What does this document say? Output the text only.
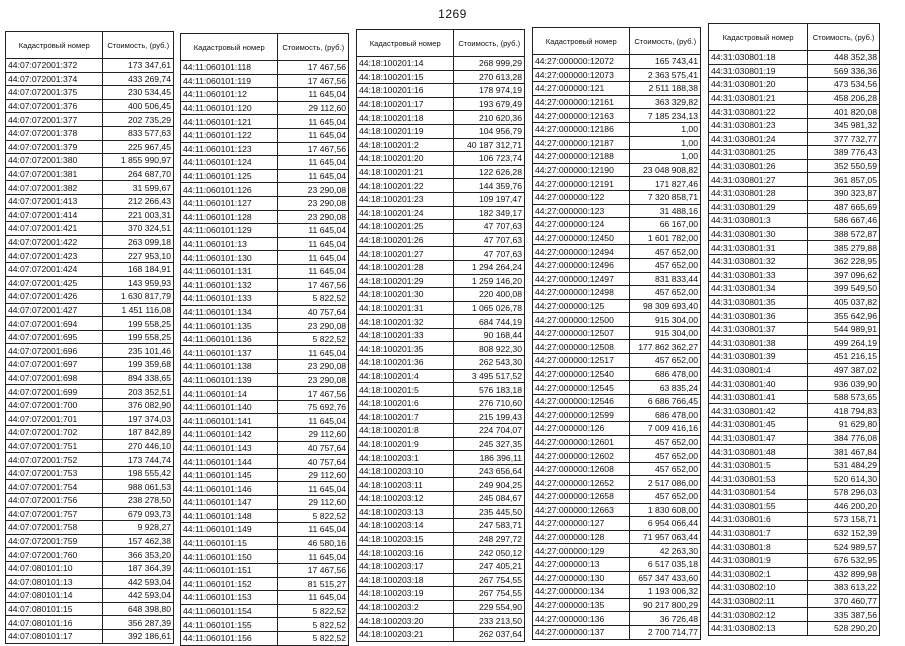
1269
Кадастровый номер	Стоимость, (руб.)
44:07:072001:372	173 347,61
44:07:072001:374	433 269,74
44:07:072001:375	230 534,45
44:07:072001:376	400 506,45
44:07:072001:377	202 735,29
44:07:072001:378	833 577,63
44:07:072001:379	225 967,45
44:07:072001:380	1 855 990,97
44:07:072001:381	264 687,70
44:07:072001:382	31 599,67
44:07:072001:413	212 266,43
44:07:072001:414	221 003,31
44:07:072001:421	370 324,51
44:07:072001:422	263 099,18
44:07:072001:423	227 953,10
44:07:072001:424	168 184,91
44:07:072001:425	143 959,93
44:07:072001:426	1 630 817,79
44:07:072001:427	1 451 116,08
44:07:072001:694	199 558,25
44:07:072001:695	199 558,25
44:07:072001:696	235 101,46
44:07:072001:697	199 359,68
44:07:072001:698	894 338,65
44:07:072001:699	203 352,51
44:07:072001:700	376 082,90
44:07:072001:701	197 374,03
44:07:072001:702	187 842,89
44:07:072001:751	270 446,10
44:07:072001:752	173 744,74
44:07:072001:753	198 555,42
44:07:072001:754	988 061,53
44:07:072001:756	238 278,50
44:07:072001:757	679 093,73
44:07:072001:758	9 928,27
44:07:072001:759	157 462,38
44:07:072001:760	366 353,20
44:07:080101:10	187 364,39
44:07:080101:13	442 593,04
44:07:080101:14	442 593,04
44:07:080101:15	648 398,80
44:07:080101:16	356 287,39
44:07:080101:17	392 186,61
Кадастровый номер	Стоимость, (руб.)
44:11:060101:118	17 467,56
44:11:060101:119	17 467,56
44:11:060101:12	11 645,04
44:11:060101:120	29 112,60
44:11:060101:121	11 645,04
44:11:060101:122	11 645,04
44:11:060101:123	17 467,56
44:11:060101:124	11 645,04
44:11:060101:125	11 645,04
44:11:060101:126	23 290,08
44:11:060101:127	23 290,08
44:11:060101:128	23 290,08
44:11:060101:129	11 645,04
44:11:060101:13	11 645,04
44:11:060101:130	11 645,04
44:11:060101:131	11 645,04
44:11:060101:132	17 467,56
44:11:060101:133	5 822,52
44:11:060101:134	40 757,64
44:11:060101:135	23 290,08
44:11:060101:136	5 822,52
44:11:060101:137	11 645,04
44:11:060101:138	23 290,08
44:11:060101:139	23 290,08
44:11:060101:14	17 467,56
44:11:060101:140	75 692,76
44:11:060101:141	11 645,04
44:11:060101:142	29 112,60
44:11:060101:143	40 757,64
44:11:060101:144	40 757,64
44:11:060101:145	29 112,60
44:11:060101:146	11 645,04
44:11:060101:147	29 112,60
44:11:060101:148	5 822,52
44:11:060101:149	11 645,04
44:11:060101:15	46 580,16
44:11:060101:150	11 645,04
44:11:060101:151	17 467,56
44:11:060101:152	81 515,27
44:11:060101:153	11 645,04
44:11:060101:154	5 822,52
44:11:060101:155	5 822,52
44:11:060101:156	5 822,52
Кадастровый номер	Стоимость, (руб.)
44:18:100201:14	268 999,29
44:18:100201:15	270 613,28
44:18:100201:16	178 974,19
44:18:100201:17	193 679,49
44:18:100201:18	210 620,36
44:18:100201:19	104 956,79
44:18:100201:2	40 187 312,71
44:18:100201:20	106 723,74
44:18:100201:21	122 626,28
44:18:100201:22	144 359,76
44:18:100201:23	109 197,47
44:18:100201:24	182 349,17
44:18:100201:25	47 707,63
44:18:100201:26	47 707,63
44:18:100201:27	47 707,63
44:18:100201:28	1 294 264,24
44:18:100201:29	1 259 146,20
44:18:100201:30	220 400,08
44:18:100201:31	1 065 026,78
44:18:100201:32	684 744,19
44:18:100201:33	90 168,44
44:18:100201:35	808 922,30
44:18:100201:36	262 543,30
44:18:100201:4	3 495 517,52
44:18:100201:5	576 183,18
44:18:100201:6	276 710,60
44:18:100201:7	215 199,43
44:18:100201:8	224 704,07
44:18:100201:9	245 327,35
44:18:100203:1	186 396,11
44:18:100203:10	243 656,64
44:18:100203:11	249 904,25
44:18:100203:12	245 084,67
44:18:100203:13	235 445,50
44:18:100203:14	247 583,71
44:18:100203:15	248 297,72
44:18:100203:16	242 050,12
44:18:100203:17	247 405,21
44:18:100203:18	267 754,55
44:18:100203:19	267 754,55
44:18:100203:2	229 554,90
44:18:100203:20	233 213,50
44:18:100203:21	262 037,64
Кадастровый номер	Стоимость, (руб.)
44:27:000000:12072	165 743,41
44:27:000000:12073	2 363 575,41
44:27:000000:121	2 511 188,38
44:27:000000:12161	363 329,82
44:27:000000:12163	7 185 234,13
44:27:000000:12186	1,00
44:27:000000:12187	1,00
44:27:000000:12188	1,00
44:27:000000:12190	23 048 908,82
44:27:000000:12191	171 827,46
44:27:000000:122	7 320 858,71
44:27:000000:123	31 488,16
44:27:000000:124	66 167,00
44:27:000000:12450	1 601 782,00
44:27:000000:12494	457 652,00
44:27:000000:12496	457 652,00
44:27:000000:12497	831 833,44
44:27:000000:12498	457 652,00
44:27:000000:125	98 309 693,40
44:27:000000:12500	915 304,00
44:27:000000:12507	915 304,00
44:27:000000:12508	177 862 362,27
44:27:000000:12517	457 652,00
44:27:000000:12540	686 478,00
44:27:000000:12545	63 835,24
44:27:000000:12546	6 686 766,45
44:27:000000:12599	686 478,00
44:27:000000:126	7 009 416,16
44:27:000000:12601	457 652,00
44:27:000000:12602	457 652,00
44:27:000000:12608	457 652,00
44:27:000000:12652	2 517 086,00
44:27:000000:12658	457 652,00
44:27:000000:12663	1 830 608,00
44:27:000000:127	6 954 066,44
44:27:000000:128	71 957 063,44
44:27:000000:129	42 263,30
44:27:000000:13	6 517 035,18
44:27:000000:130	657 347 433,60
44:27:000000:134	1 193 006,32
44:27:000000:135	90 217 800,29
44:27:000000:136	36 726,48
44:27:000000:137	2 700 714,77
Кадастровый номер	Стоимость, (руб.)
44:31:030801:18	448 352,38
44:31:030801:19	569 336,36
44:31:030801:20	473 534,56
44:31:030801:21	458 206,28
44:31:030801:22	401 820,08
44:31:030801:23	345 981,32
44:31:030801:24	377 732,77
44:31:030801:25	389 776,43
44:31:030801:26	352 550,59
44:31:030801:27	361 857,05
44:31:030801:28	390 323,87
44:31:030801:29	487 665,69
44:31:030801:3	586 667,46
44:31:030801:30	388 572,87
44:31:030801:31	385 279,88
44:31:030801:32	362 228,95
44:31:030801:33	397 096,62
44:31:030801:34	399 549,50
44:31:030801:35	405 037,82
44:31:030801:36	355 642,96
44:31:030801:37	544 989,91
44:31:030801:38	499 264,19
44:31:030801:39	451 216,15
44:31:030801:4	497 387,02
44:31:030801:40	936 039,90
44:31:030801:41	588 573,65
44:31:030801:42	418 794,83
44:31:030801:45	91 629,80
44:31:030801:47	384 776,08
44:31:030801:48	381 467,84
44:31:030801:5	531 484,29
44:31:030801:53	520 614,30
44:31:030801:54	578 296,03
44:31:030801:55	446 200,20
44:31:030801:6	573 158,71
44:31:030801:7	632 152,39
44:31:030801:8	524 989,57
44:31:030801:9	676 532,95
44:31:030802:1	432 899,98
44:31:030802:10	383 613,22
44:31:030802:11	370 460,77
44:31:030802:12	335 387,56
44:31:030802:13	528 290,20
